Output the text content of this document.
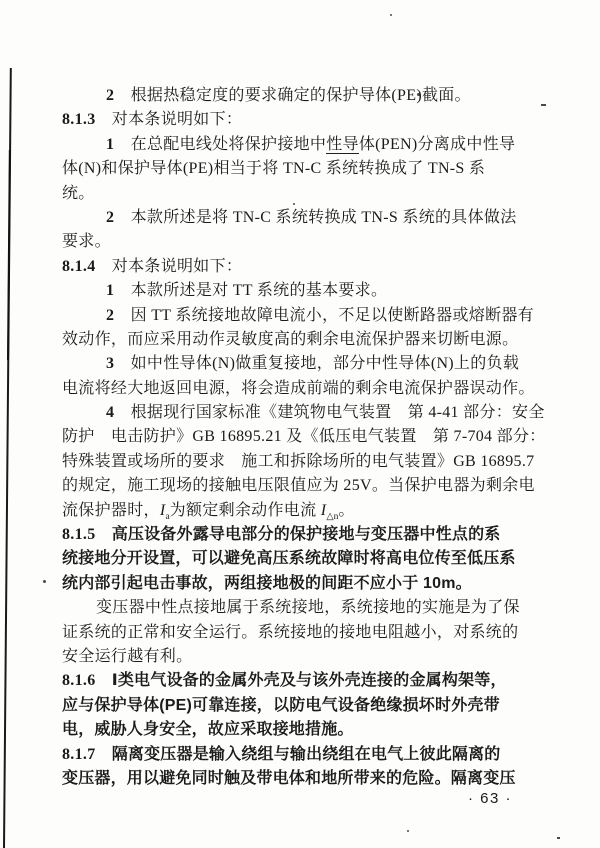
2　根据热稳定度的要求确定的保护导体(PE)截面。
8.1.3　对本条说明如下：
1　在总配电线处将保护接地中性导体(PEN)分离成中性导
体(N)和保护导体(PE)相当于将 TN-C 系统转换成了 TN-S 系
统。
2　本款所述是将 TN-C 系统转换成 TN-S 系统的具体做法
要求。
8.1.4　对本条说明如下：
1　本款所述是对 TT 系统的基本要求。
2　因 TT 系统接地故障电流小，不足以使断路器或熔断器有
效动作，而应采用动作灵敏度高的剩余电流保护器来切断电源。
3　如中性导体(N)做重复接地，部分中性导体(N)上的负载
电流将经大地返回电源，将会造成前端的剩余电流保护器误动作。
4　根据现行国家标准《建筑物电气装置　第 4-41 部分：安全
防护　电击防护》GB 16895.21 及《低压电气装置　第 7-704 部分：
特殊装置或场所的要求　施工和拆除场所的电气装置》GB 16895.7
的规定，施工现场的接触电压限值应为 25V。当保护电器为剩余电
流保护器时，$I_a$为额定剩余动作电流 $I_{\triangle n}$。
8.1.5　高压设备外露导电部分的保护接地与变压器中性点的系
统接地分开设置，可以避免高压系统故障时将高电位传至低压系
统内部引起电击事故，两组接地极的间距不应小于 10m。
变压器中性点接地属于系统接地，系统接地的实施是为了保
证系统的正常和安全运行。系统接地的接地电阻越小，对系统的
安全运行越有利。
8.1.6　Ⅰ类电气设备的金属外壳及与该外壳连接的金属构架等，
应与保护导体(PE)可靠连接，以防电气设备绝缘损坏时外壳带
电，威胁人身安全，故应采取接地措施。
8.1.7　隔离变压器是输入绕组与输出绕组在电气上彼此隔离的
变压器，用以避免同时触及带电体和地所带来的危险。隔离变压
· 63 ·
